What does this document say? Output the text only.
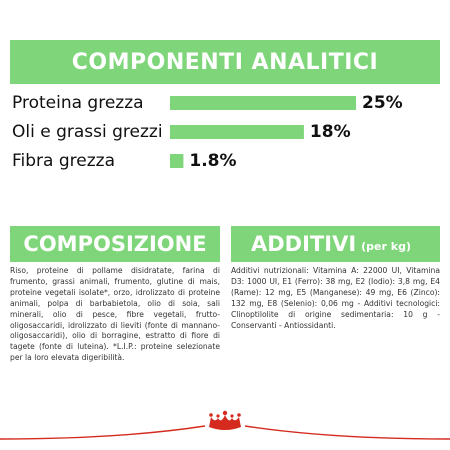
COMPONENTI ANALITICI
Proteina grezza	25%
Oli e grassi grezzi	18%
Fibra grezza	1.8%
COMPOSIZIONE ADDITIVI (per kg)
Riso, proteine di pollame disidratate, farina di frumento, grassi animali, frumento, glutine di mais, proteine vegetali isolate*, orzo, idrolizzato di proteine animali, polpa di barbabietola, olio di soia, sali minerali, olio di pesce, fibre vegetali, frutto-oligosaccaridi, idrolizzato di lieviti (fonte di mannano-oligosaccaridi), olio di borragine, estratto di fiore di tagete (fonte di luteina). *L.I.P.: proteine selezionate per la loro elevata digeribilità.
Additivi nutrizionali: Vitamina A: 22000 UI, Vitamina D3: 1000 UI, E1 (Ferro): 38 mg, E2 (Iodio): 3,8 mg, E4 (Rame): 12 mg, E5 (Manganese): 49 mg, E6 (Zinco): 132 mg, E8 (Selenio): 0,06 mg - Additivi tecnologici: Clinoptilolite di origine sedimentaria: 10 g - Conservanti - Antiossidanti.
